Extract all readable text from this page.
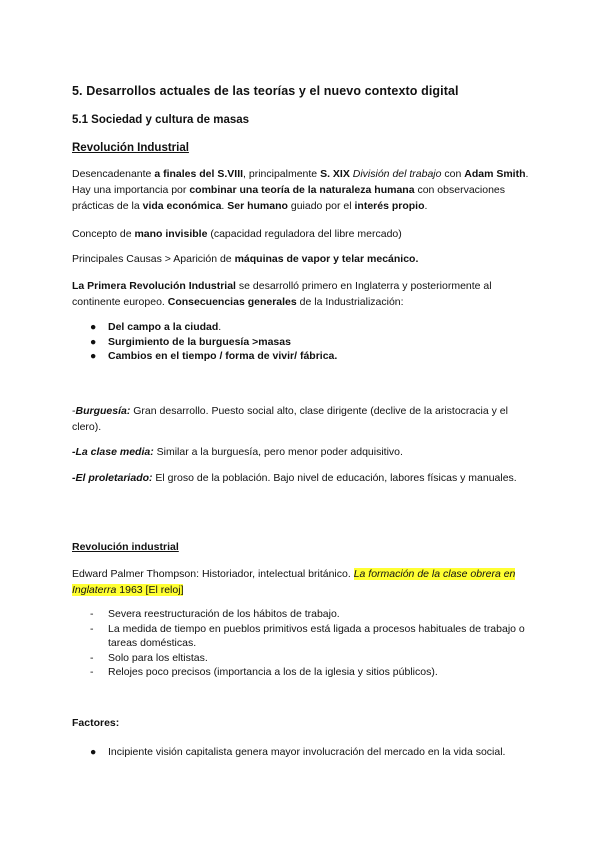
5. Desarrollos actuales de las teorías y el nuevo contexto digital
5.1 Sociedad y cultura de masas
Revolución Industrial
Desencadenante a finales del S.VIII, principalmente S. XIX División del trabajo con Adam Smith. Hay una importancia por combinar una teoría de la naturaleza humana con observaciones prácticas de la vida económica. Ser humano guiado por el interés propio.
Concepto de mano invisible (capacidad reguladora del libre mercado)
Principales Causas > Aparición de máquinas de vapor y telar mecánico.
La Primera Revolución Industrial se desarrolló primero en Inglaterra y posteriormente al continente europeo. Consecuencias generales de la Industrialización:
● Del campo a la ciudad.
● Surgimiento de la burguesía >masas
● Cambios en el tiempo / forma de vivir/ fábrica.
-Burguesía: Gran desarrollo. Puesto social alto, clase dirigente (declive de la aristocracia y el clero).
-La clase media: Similar a la burguesía, pero menor poder adquisitivo.
-El proletariado: El groso de la población. Bajo nivel de educación, labores físicas y manuales.
Revolución industrial
Edward Palmer Thompson: Historiador, intelectual británico. La formación de la clase obrera en Inglaterra 1963 [El reloj]
- Severa reestructuración de los hábitos de trabajo.
- La medida de tiempo en pueblos primitivos está ligada a procesos habituales de trabajo o tareas domésticas.
- Solo para los eltistas.
- Relojes poco precisos (importancia a los de la iglesia y sitios públicos).
Factores:
● Incipiente visión capitalista genera mayor involucración del mercado en la vida social.
